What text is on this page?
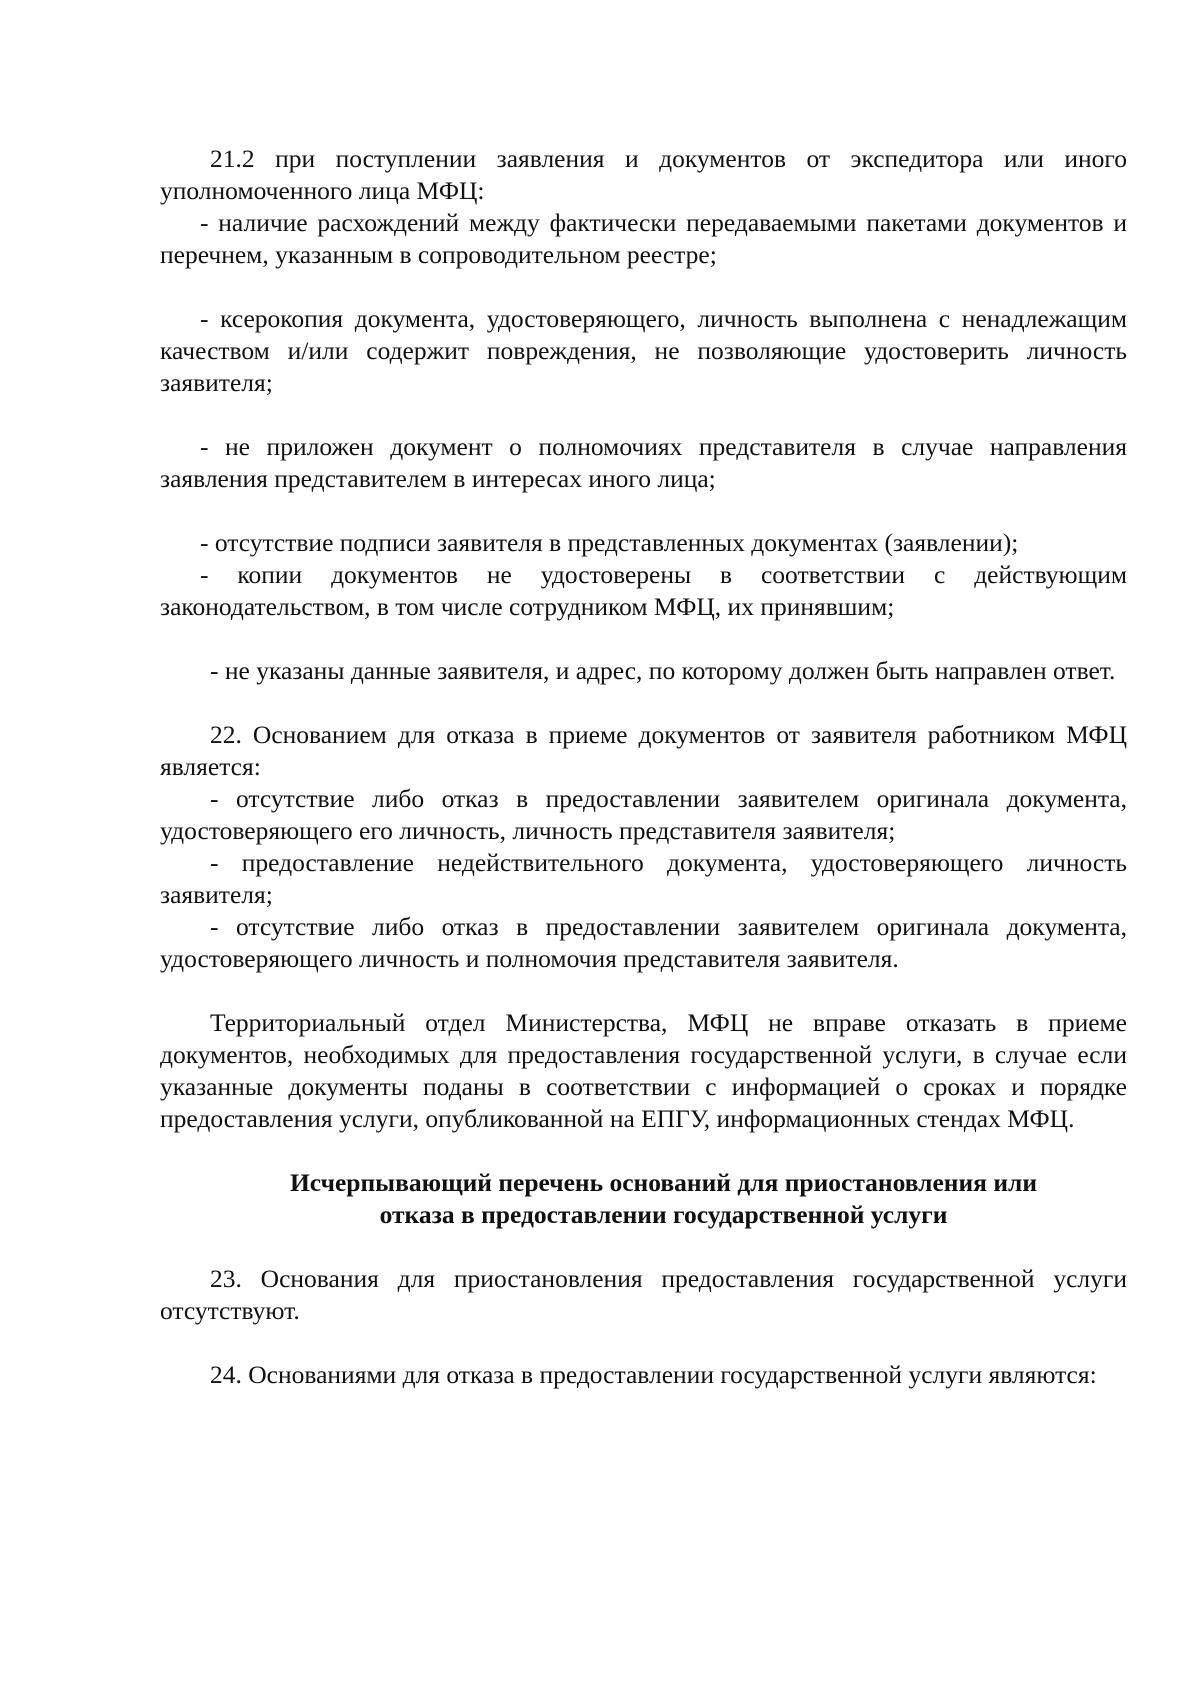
21.2 при поступлении заявления и документов от экспедитора или иного уполномоченного лица МФЦ:

- наличие расхождений между фактически передаваемыми пакетами документов и перечнем, указанным в сопроводительном реестре;

- ксерокопия документа, удостоверяющего, личность выполнена с ненадлежащим качеством и/или содержит повреждения, не позволяющие удостоверить личность заявителя;

- не приложен документ о полномочиях представителя в случае направления заявления представителем в интересах иного лица;

- отсутствие подписи заявителя в представленных документах (заявлении);

- копии документов не удостоверены в соответствии с действующим законодательством, в том числе сотрудником МФЦ, их принявшим;

- не указаны данные заявителя, и адрес, по которому должен быть направлен ответ.

22. Основанием для отказа в приеме документов от заявителя работником МФЦ является:

- отсутствие либо отказ в предоставлении заявителем оригинала документа, удостоверяющего его личность, личность представителя заявителя;

- предоставление недействительного документа, удостоверяющего личность заявителя;

- отсутствие либо отказ в предоставлении заявителем оригинала документа, удостоверяющего личность и полномочия представителя заявителя.

Территориальный отдел Министерства, МФЦ не вправе отказать в приеме документов, необходимых для предоставления государственной услуги, в случае если указанные документы поданы в соответствии с информацией о сроках и порядке предоставления услуги, опубликованной на ЕПГУ, информационных стендах МФЦ.

Исчерпывающий перечень оснований для приостановления или
отказа в предоставлении государственной услуги

23. Основания для приостановления предоставления государственной услуги отсутствуют.

24. Основаниями для отказа в предоставлении государственной услуги являются:
